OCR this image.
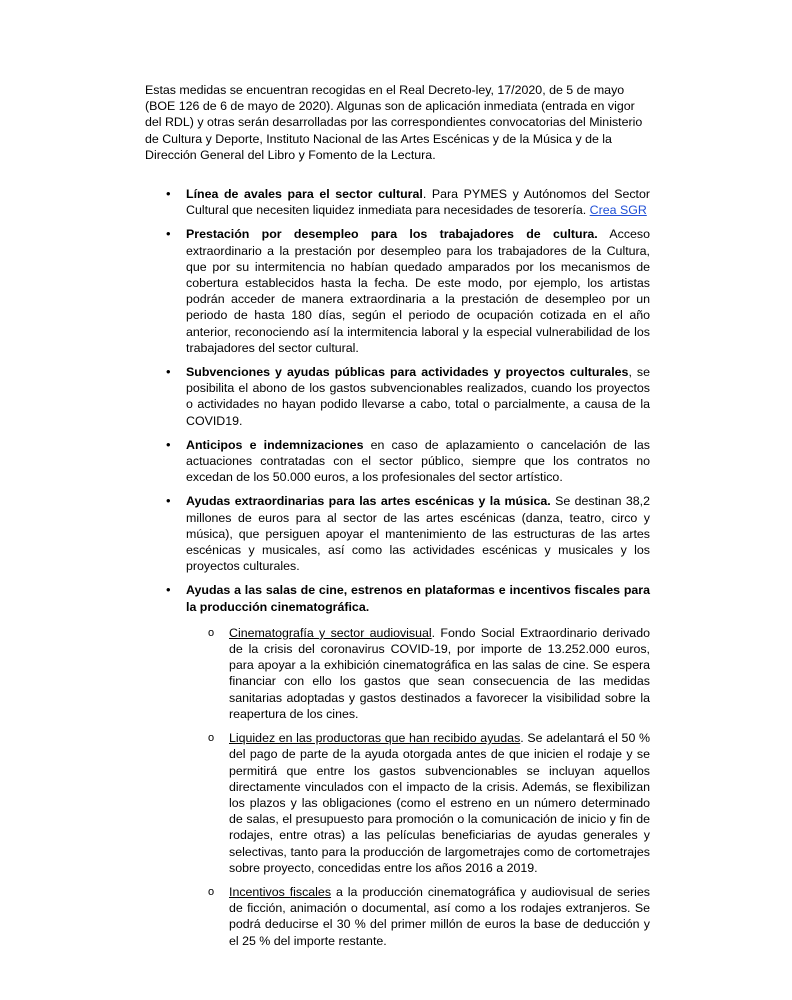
Estas medidas se encuentran recogidas en el Real Decreto-ley, 17/2020, de 5 de mayo (BOE 126 de 6 de mayo de 2020). Algunas son de aplicación inmediata (entrada en vigor del RDL) y otras serán desarrolladas por las correspondientes convocatorias del Ministerio de Cultura y Deporte, Instituto Nacional de las Artes Escénicas y de la Música y de la Dirección General del Libro y Fomento de la Lectura.

• Línea de avales para el sector cultural. Para PYMES y Autónomos del Sector Cultural que necesiten liquidez inmediata para necesidades de tesorería. Crea SGR
• Prestación por desempleo para los trabajadores de cultura. Acceso extraordinario a la prestación por desempleo para los trabajadores de la Cultura, que por su intermitencia no habían quedado amparados por los mecanismos de cobertura establecidos hasta la fecha. De este modo, por ejemplo, los artistas podrán acceder de manera extraordinaria a la prestación de desempleo por un periodo de hasta 180 días, según el periodo de ocupación cotizada en el año anterior, reconociendo así la intermitencia laboral y la especial vulnerabilidad de los trabajadores del sector cultural.
• Subvenciones y ayudas públicas para actividades y proyectos culturales, se posibilita el abono de los gastos subvencionables realizados, cuando los proyectos o actividades no hayan podido llevarse a cabo, total o parcialmente, a causa de la COVID19.
• Anticipos e indemnizaciones en caso de aplazamiento o cancelación de las actuaciones contratadas con el sector público, siempre que los contratos no excedan de los 50.000 euros, a los profesionales del sector artístico.
• Ayudas extraordinarias para las artes escénicas y la música. Se destinan 38,2 millones de euros para al sector de las artes escénicas (danza, teatro, circo y música), que persiguen apoyar el mantenimiento de las estructuras de las artes escénicas y musicales, así como las actividades escénicas y musicales y los proyectos culturales.
• Ayudas a las salas de cine, estrenos en plataformas e incentivos fiscales para la producción cinematográfica.
o Cinematografía y sector audiovisual. Fondo Social Extraordinario derivado de la crisis del coronavirus COVID-19, por importe de 13.252.000 euros, para apoyar a la exhibición cinematográfica en las salas de cine. Se espera financiar con ello los gastos que sean consecuencia de las medidas sanitarias adoptadas y gastos destinados a favorecer la visibilidad sobre la reapertura de los cines.
o Liquidez en las productoras que han recibido ayudas. Se adelantará el 50 % del pago de parte de la ayuda otorgada antes de que inicien el rodaje y se permitirá que entre los gastos subvencionables se incluyan aquellos directamente vinculados con el impacto de la crisis. Además, se flexibilizan los plazos y las obligaciones (como el estreno en un número determinado de salas, el presupuesto para promoción o la comunicación de inicio y fin de rodajes, entre otras) a las películas beneficiarias de ayudas generales y selectivas, tanto para la producción de largometrajes como de cortometrajes sobre proyecto, concedidas entre los años 2016 a 2019.
o Incentivos fiscales a la producción cinematográfica y audiovisual de series de ficción, animación o documental, así como a los rodajes extranjeros. Se podrá deducirse el 30 % del primer millón de euros la base de deducción y el 25 % del importe restante.
